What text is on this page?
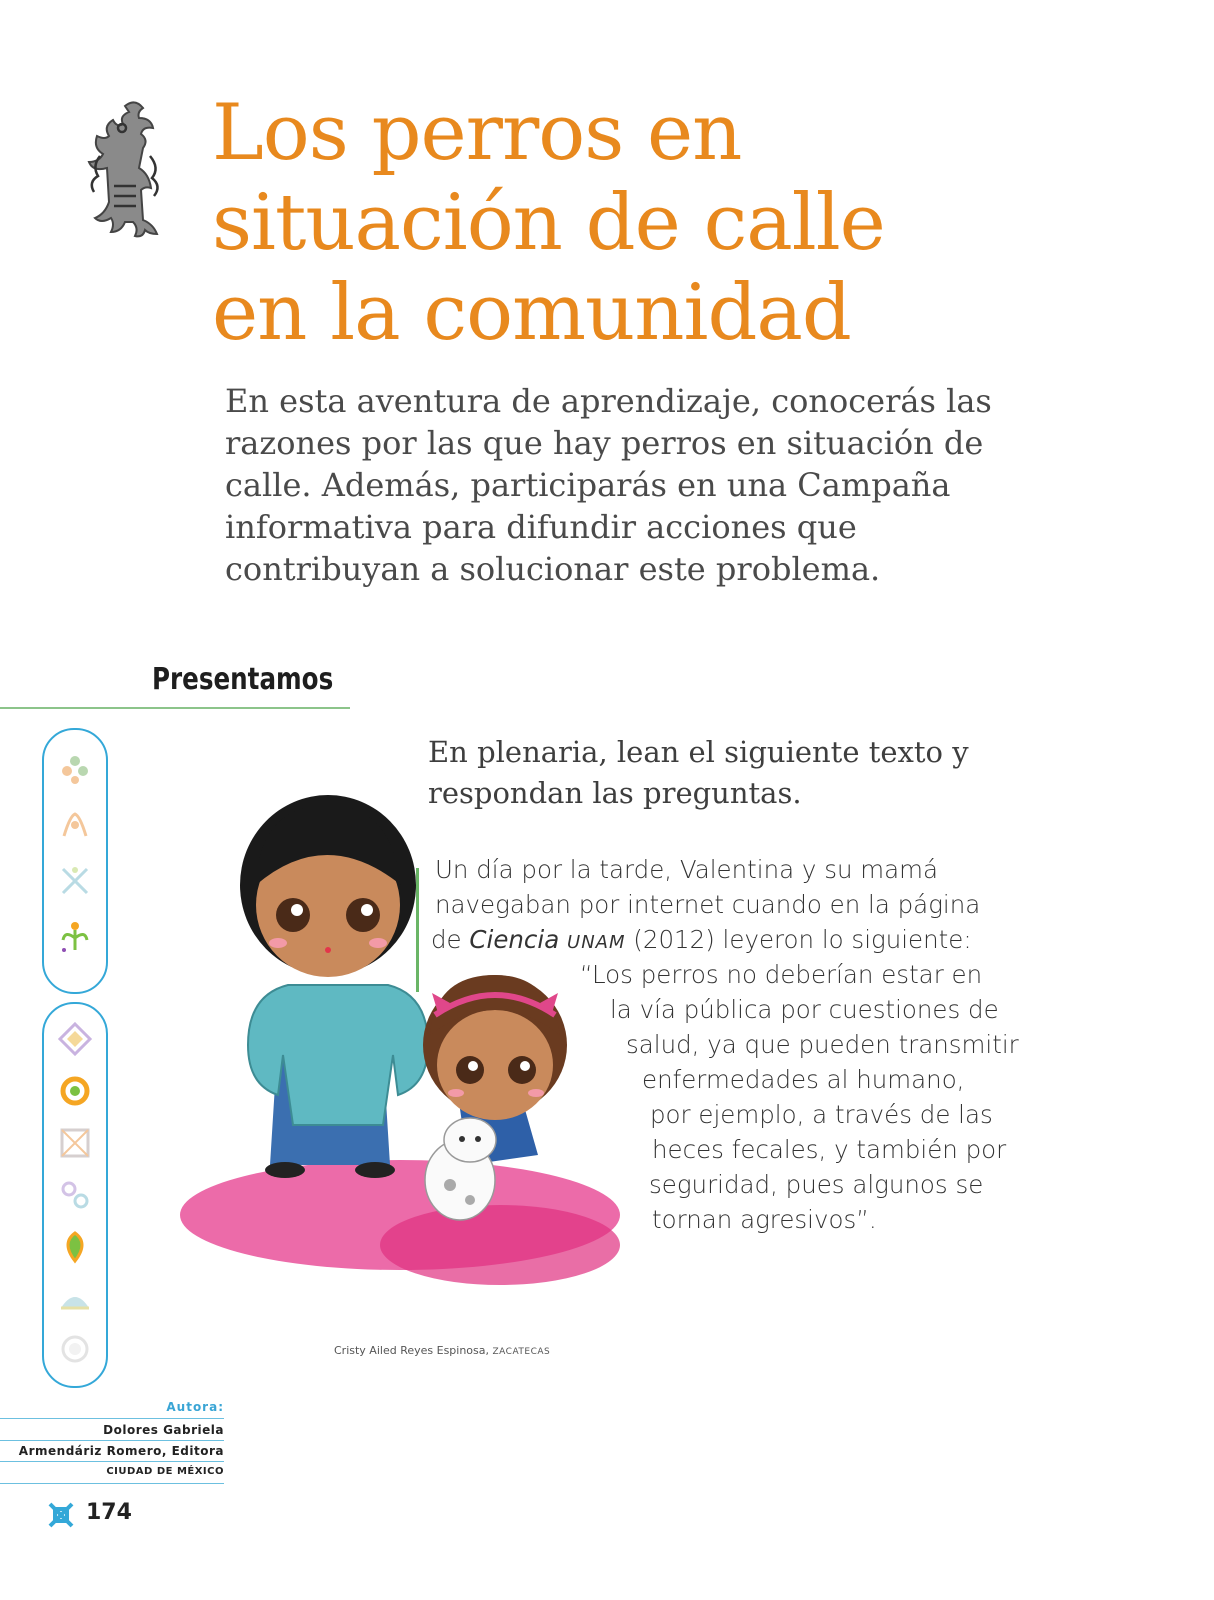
Los perros en
situación de calle
en la comunidad
En esta aventura de aprendizaje, conocerás las
razones por las que hay perros en situación de
calle. Además, participarás en una Campaña
informativa para difundir acciones que
contribuyan a solucionar este problema.
Presentamos
En plenaria, lean el siguiente texto y
respondan las preguntas.
Un día por la tarde, Valentina y su mamá
navegaban por internet cuando en la página
de Ciencia UNAM (2012) leyeron lo siguiente:
“Los perros no deberían estar en
la vía pública por cuestiones de
salud, ya que pueden transmitir
enfermedades al humano,
por ejemplo, a través de las
heces fecales, y también por
seguridad, pues algunos se
tornan agresivos”.
Cristy Ailed Reyes Espinosa, ZACATECAS
Autora:
Dolores Gabriela
Armendáriz Romero, Editora
CIUDAD DE MÉXICO
174
